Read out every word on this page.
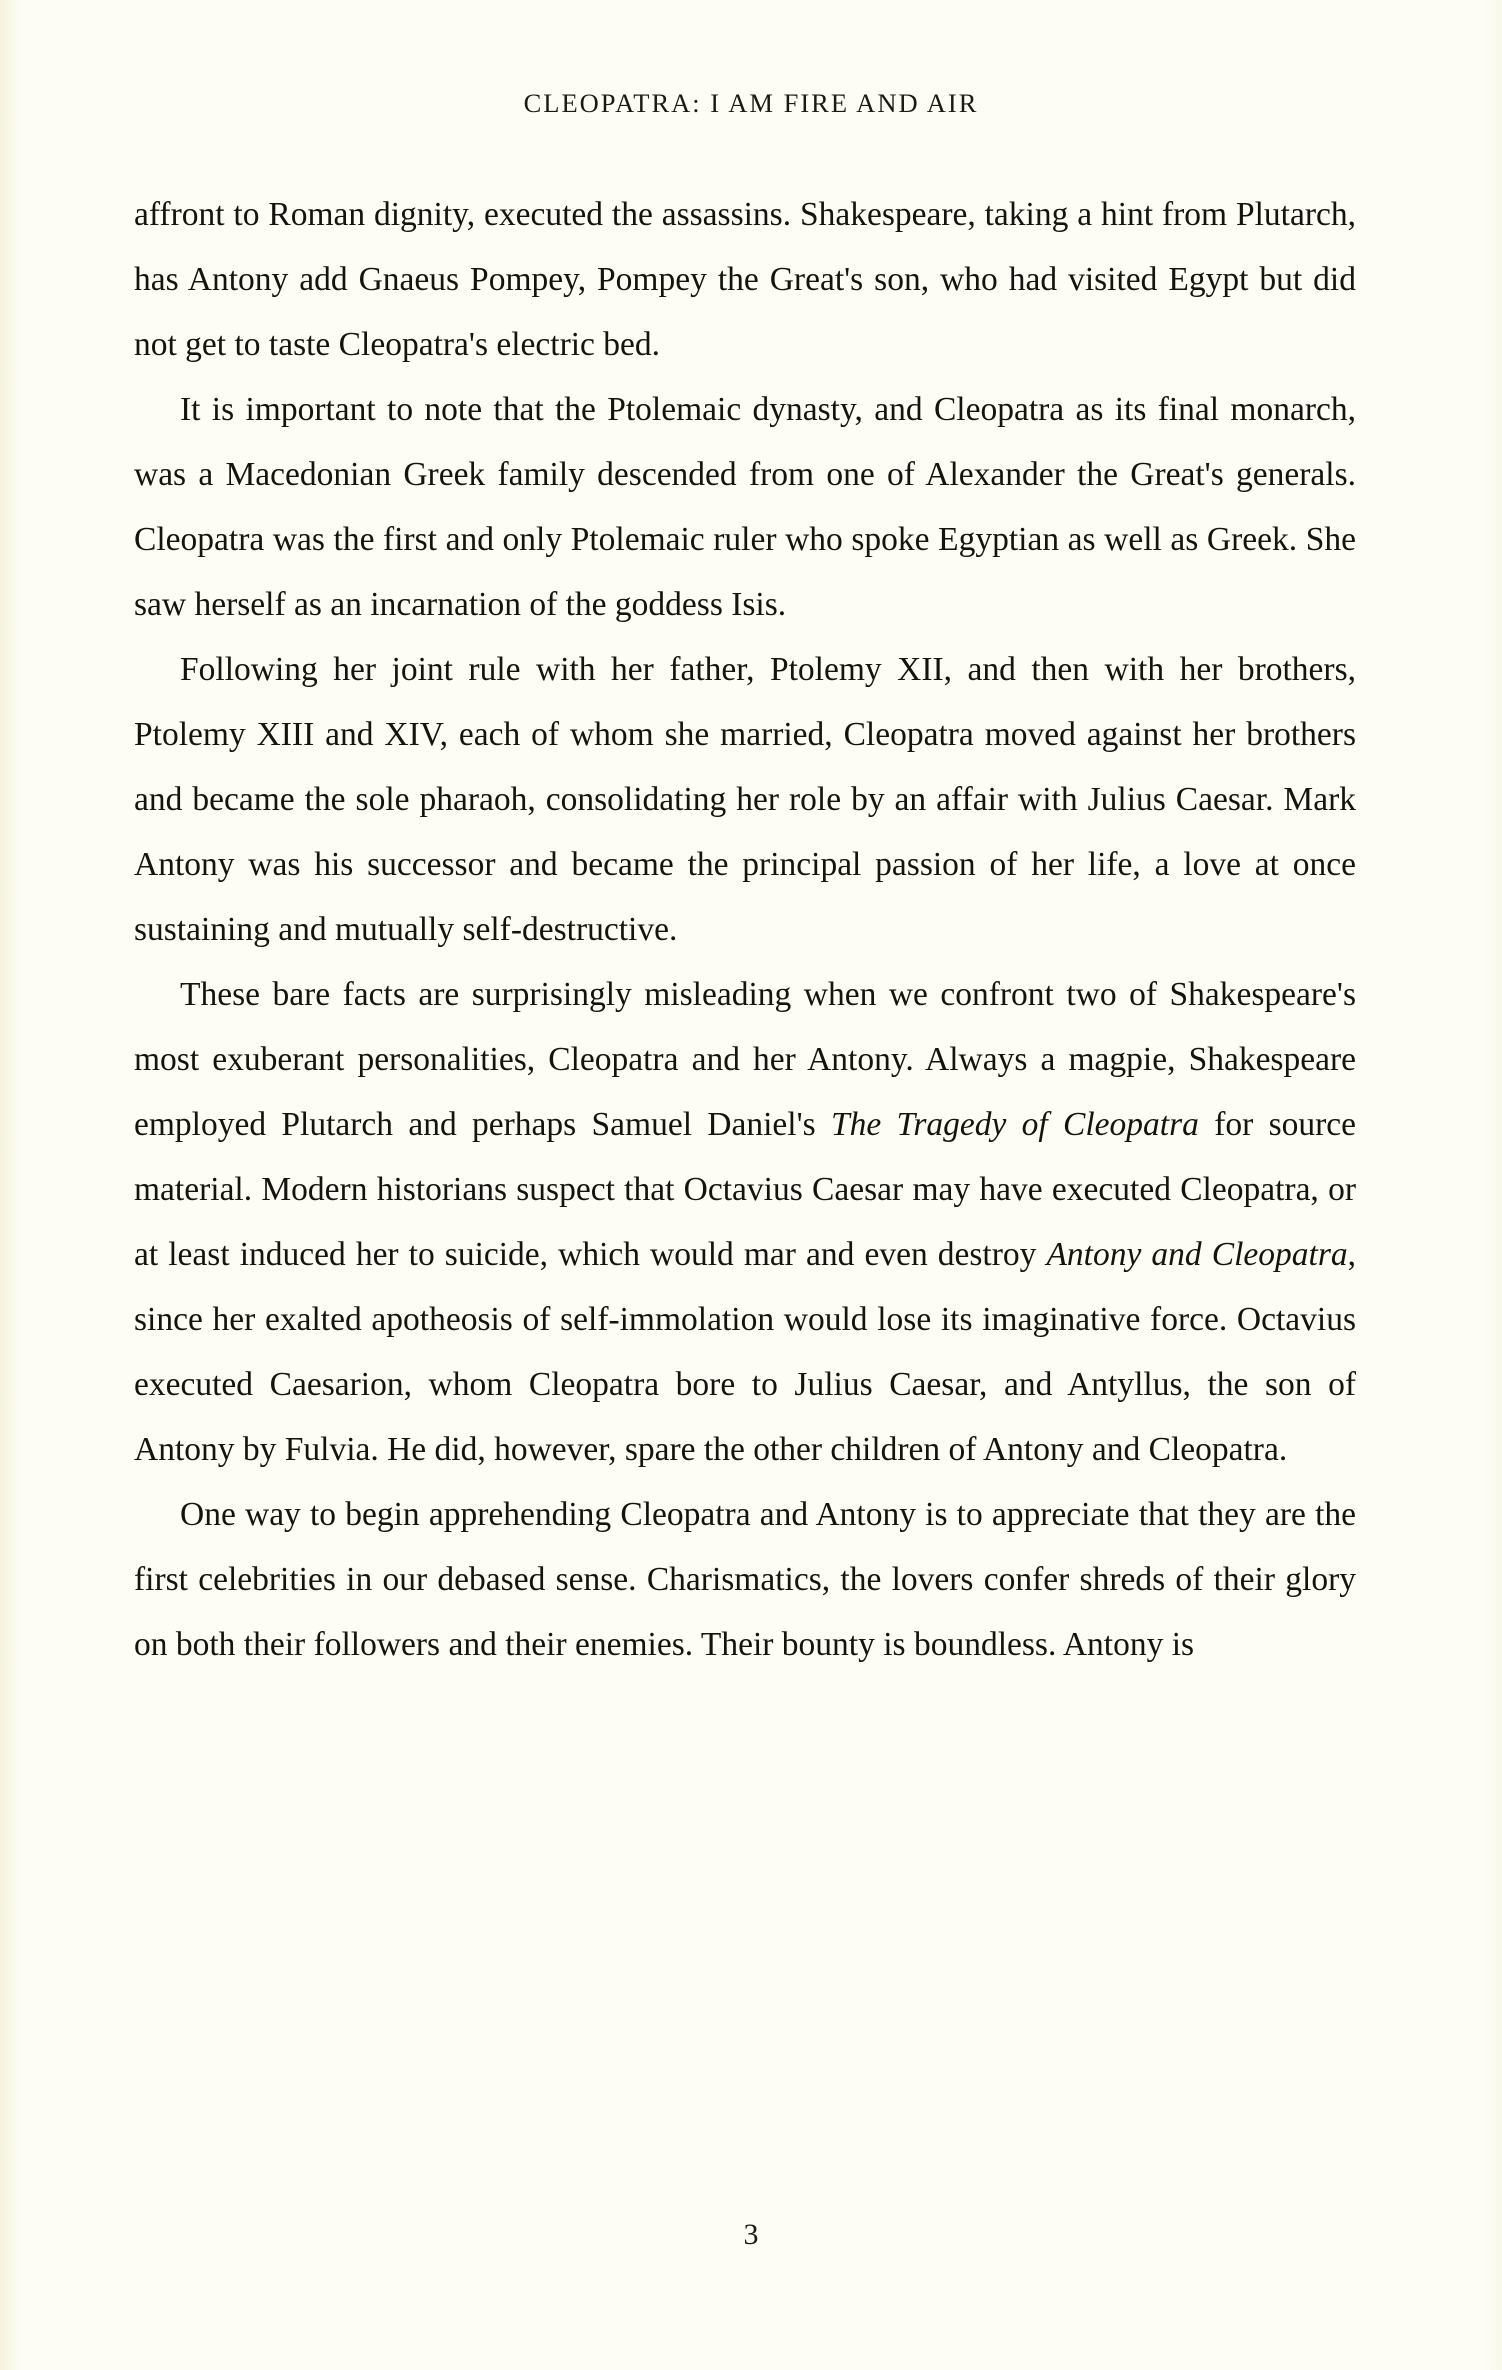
CLEOPATRA: I AM FIRE AND AIR

affront to Roman dignity, executed the assassins. Shakespeare, taking a hint from Plutarch, has Antony add Gnaeus Pompey, Pompey the Great's son, who had visited Egypt but did not get to taste Cleopatra's electric bed.

It is important to note that the Ptolemaic dynasty, and Cleopatra as its final monarch, was a Macedonian Greek family descended from one of Alexander the Great's generals. Cleopatra was the first and only Ptolemaic ruler who spoke Egyptian as well as Greek. She saw herself as an incarnation of the goddess Isis.

Following her joint rule with her father, Ptolemy XII, and then with her brothers, Ptolemy XIII and XIV, each of whom she married, Cleopatra moved against her brothers and became the sole pharaoh, consolidating her role by an affair with Julius Caesar. Mark Antony was his successor and became the principal passion of her life, a love at once sustaining and mutually self-destructive.

These bare facts are surprisingly misleading when we confront two of Shakespeare's most exuberant personalities, Cleopatra and her Antony. Always a magpie, Shakespeare employed Plutarch and perhaps Samuel Daniel's The Tragedy of Cleopatra for source material. Modern historians suspect that Octavius Caesar may have executed Cleopatra, or at least induced her to suicide, which would mar and even destroy Antony and Cleopatra, since her exalted apotheosis of self-immolation would lose its imaginative force. Octavius executed Caesarion, whom Cleopatra bore to Julius Caesar, and Antyllus, the son of Antony by Fulvia. He did, however, spare the other children of Antony and Cleopatra.

One way to begin apprehending Cleopatra and Antony is to appreciate that they are the first celebrities in our debased sense. Charismatics, the lovers confer shreds of their glory on both their followers and their enemies. Their bounty is boundless. Antony is

3
